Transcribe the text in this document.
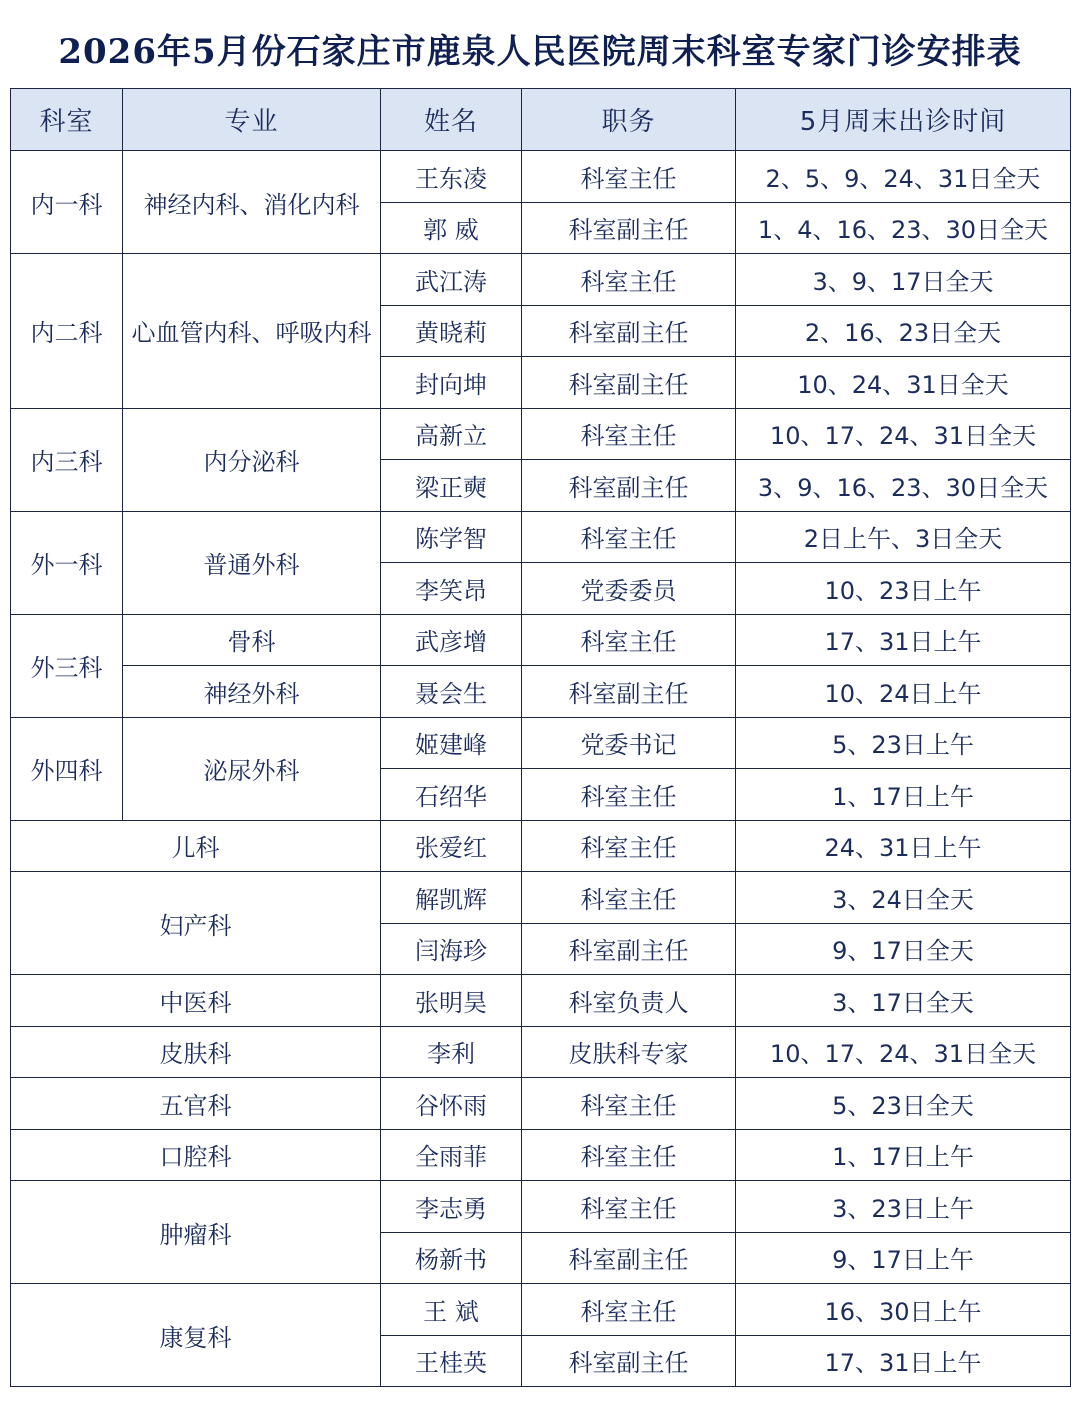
2026年5月份石家庄市鹿泉人民医院周末科室专家门诊安排表
科室	专业	姓名	职务	5月周末出诊时间
内一科	神经内科、消化内科	王东凌	科室主任	2、5、9、24、31日全天
		郭 威	科室副主任	1、4、16、23、30日全天
内二科	心血管内科、呼吸内科	武江涛	科室主任	3、9、17日全天
		黄晓莉	科室副主任	2、16、23日全天
		封向坤	科室副主任	10、24、31日全天
内三科	内分泌科	高新立	科室主任	10、17、24、31日全天
		梁正奭	科室副主任	3、9、16、23、30日全天
外一科	普通外科	陈学智	科室主任	2日上午、3日全天
		李笑昂	党委委员	10、23日上午
外三科	骨科	武彦增	科室主任	17、31日上午
	神经外科	聂会生	科室副主任	10、24日上午
外四科	泌尿外科	姬建峰	党委书记	5、23日上午
		石绍华	科室主任	1、17日上午
儿科		张爱红	科室主任	24、31日上午
妇产科		解凯辉	科室主任	3、24日全天
		闫海珍	科室副主任	9、17日全天
中医科		张明昊	科室负责人	3、17日全天
皮肤科		李利	皮肤科专家	10、17、24、31日全天
五官科		谷怀雨	科室主任	5、23日全天
口腔科		全雨菲	科室主任	1、17日上午
肿瘤科		李志勇	科室主任	3、23日上午
		杨新书	科室副主任	9、17日上午
康复科		王 斌	科室主任	16、30日上午
		王桂英	科室副主任	17、31日上午
